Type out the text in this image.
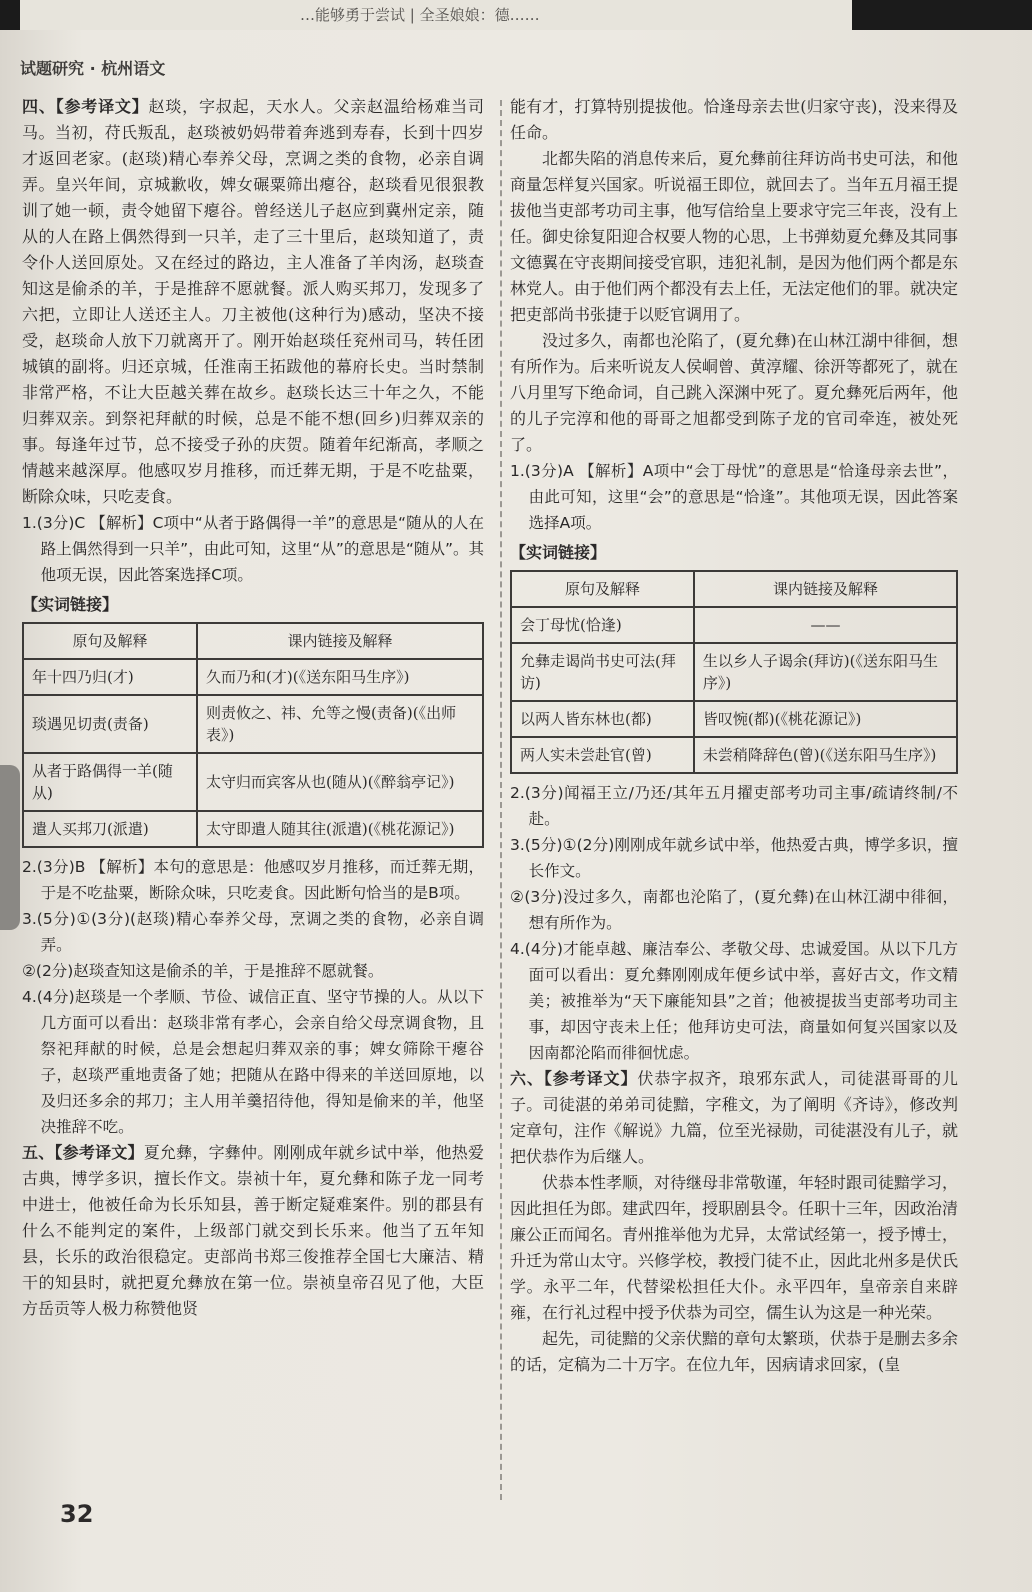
…能够勇于尝试 | 全圣娘娘：德……
试题研究 · 杭州语文

四、【参考译文】赵琰，字叔起，天水人。父亲赵温给杨难当司马。当初，苻氏叛乱，赵琰被奶妈带着奔逃到寿春，长到十四岁才返回老家。(赵琰)精心奉养父母，烹调之类的食物，必亲自调弄。皇兴年间，京城歉收，婢女碾粟筛出瘪谷，赵琰看见很狠教训了她一顿，责令她留下瘪谷。曾经送儿子赵应到冀州定亲，随从的人在路上偶然得到一只羊，走了三十里后，赵琰知道了，责令仆人送回原处。又在经过的路边，主人准备了羊肉汤，赵琰查知这是偷杀的羊，于是推辞不愿就餐。派人购买邦刀，发现多了六把，立即让人送还主人。刀主被他(这种行为)感动，坚决不接受，赵琰命人放下刀就离开了。刚开始赵琰任兖州司马，转任团城镇的副将。归还京城，任淮南王拓跋他的幕府长史。当时禁制非常严格，不让大臣越关葬在故乡。赵琰长达三十年之久，不能归葬双亲。到祭祀拜献的时候，总是不能不想(回乡)归葬双亲的事。每逢年过节，总不接受子孙的庆贺。随着年纪渐高，孝顺之情越来越深厚。他感叹岁月推移，而迁葬无期，于是不吃盐粟，断除众味，只吃麦食。

1.(3分)C 【解析】C项中“从者于路偶得一羊”的意思是“随从的人在路上偶然得到一只羊”，由此可知，这里“从”的意思是“随从”。其他项无误，因此答案选择C项。

【实词链接】
原句及解释	课内链接及解释
年十四乃归(才)	久而乃和(才)(《送东阳马生序》)
琰遇见切责(责备)	则责攸之、祎、允等之慢(责备)(《出师表》)
从者于路偶得一羊(随从)	太守归而宾客从也(随从)(《醉翁亭记》)
遣人买邦刀(派遣)	太守即遣人随其往(派遣)(《桃花源记》)

2.(3分)B 【解析】本句的意思是：他感叹岁月推移，而迁葬无期，于是不吃盐粟，断除众味，只吃麦食。因此断句恰当的是B项。

3.(5分)①(3分)(赵琰)精心奉养父母，烹调之类的食物，必亲自调弄。

②(2分)赵琰查知这是偷杀的羊，于是推辞不愿就餐。

4.(4分)赵琰是一个孝顺、节俭、诚信正直、坚守节操的人。从以下几方面可以看出：赵琰非常有孝心，会亲自给父母烹调食物，且祭祀拜献的时候，总是会想起归葬双亲的事；婢女筛除干瘪谷子，赵琰严重地责备了她；把随从在路中得来的羊送回原地，以及归还多余的邦刀；主人用羊羹招待他，得知是偷来的羊，他坚决推辞不吃。

五、【参考译文】夏允彝，字彝仲。刚刚成年就乡试中举，他热爱古典，博学多识，擅长作文。崇祯十年，夏允彝和陈子龙一同考中进士，他被任命为长乐知县，善于断定疑难案件。别的郡县有什么不能判定的案件，上级部门就交到长乐来。他当了五年知县，长乐的政治很稳定。吏部尚书郑三俊推荐全国七大廉洁、精干的知县时，就把夏允彝放在第一位。崇祯皇帝召见了他，大臣方岳贡等人极力称赞他贤

能有才，打算特别提拔他。恰逢母亲去世(归家守丧)，没来得及任命。

北都失陷的消息传来后，夏允彝前往拜访尚书史可法，和他商量怎样复兴国家。听说福王即位，就回去了。当年五月福王提拔他当吏部考功司主事，他写信给皇上要求守完三年丧，没有上任。御史徐复阳迎合权要人物的心思，上书弹劾夏允彝及其同事文德翼在守丧期间接受官职，违犯礼制，是因为他们两个都是东林党人。由于他们两个都没有去上任，无法定他们的罪。就决定把吏部尚书张捷于以贬官调用了。

没过多久，南都也沦陷了，(夏允彝)在山林江湖中徘徊，想有所作为。后来听说友人侯峒曾、黄淳耀、徐汧等都死了，就在八月里写下绝命词，自己跳入深渊中死了。夏允彝死后两年，他的儿子完淳和他的哥哥之旭都受到陈子龙的官司牵连，被处死了。

1.(3分)A 【解析】A项中“会丁母忧”的意思是“恰逢母亲去世”，由此可知，这里“会”的意思是“恰逢”。其他项无误，因此答案选择A项。

【实词链接】
原句及解释	课内链接及解释
会丁母忧(恰逢)	——
允彝走谒尚书史可法(拜访)	生以乡人子谒余(拜访)(《送东阳马生序》)
以两人皆东林也(都)	皆叹惋(都)(《桃花源记》)
两人实未尝赴官(曾)	未尝稍降辞色(曾)(《送东阳马生序》)

2.(3分)闻福王立/乃还/其年五月擢吏部考功司主事/疏请终制/不赴。

3.(5分)①(2分)刚刚成年就乡试中举，他热爱古典，博学多识，擅长作文。

②(3分)没过多久，南都也沦陷了，(夏允彝)在山林江湖中徘徊，想有所作为。

4.(4分)才能卓越、廉洁奉公、孝敬父母、忠诚爱国。从以下几方面可以看出：夏允彝刚刚成年便乡试中举，喜好古文，作文精美；被推举为“天下廉能知县”之首；他被提拔当吏部考功司主事，却因守丧未上任；他拜访史可法，商量如何复兴国家以及因南都沦陷而徘徊忧虑。

六、【参考译文】伏恭字叔齐，琅邪东武人，司徒湛哥哥的儿子。司徒湛的弟弟司徒黯，字稚文，为了阐明《齐诗》，修改判定章句，注作《解说》九篇，位至光禄勋，司徒湛没有儿子，就把伏恭作为后继人。

伏恭本性孝顺，对待继母非常敬谨，年轻时跟司徒黯学习，因此担任为郎。建武四年，授职剧县令。任职十三年，因政治清廉公正而闻名。青州推举他为尤异，太常试经第一，授予博士，升迁为常山太守。兴修学校，教授门徒不止，因此北州多是伏氏学。永平二年，代替梁松担任大仆。永平四年，皇帝亲自来辟雍，在行礼过程中授予伏恭为司空，儒生认为这是一种光荣。

起先，司徒黯的父亲伏黯的章句太繁琐，伏恭于是删去多余的话，定稿为二十万字。在位九年，因病请求回家，(皇

32
